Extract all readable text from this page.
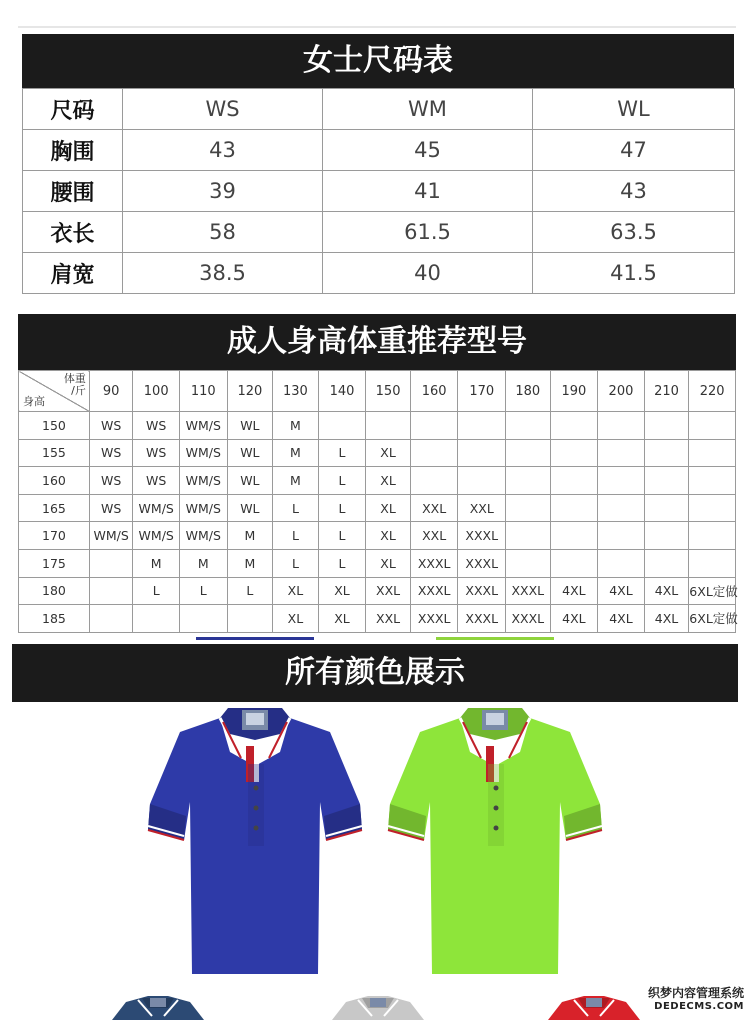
女士尺码表
尺码	WS	WM	WL
胸围	43	45	47
腰围	39	41	43
衣长	58	61.5	63.5
肩宽	38.5	40	41.5
成人身高体重推荐型号
体重
/斤
身高	90	100	110	120	130	140	150	160	170	180	190	200	210	220
150	WS	WS	WM/S	WL	M									
155	WS	WS	WM/S	WL	M	L	XL							
160	WS	WS	WM/S	WL	M	L	XL							
165	WS	WM/S	WM/S	WL	L	L	XL	XXL	XXL					
170	WM/S	WM/S	WM/S	M	L	L	XL	XXL	XXXL					
175		M	M	M	L	L	XL	XXXL	XXXL					
180		L	L	L	XL	XL	XXL	XXXL	XXXL	XXXL	4XL	4XL	4XL	6XL定做
185					XL	XL	XXL	XXXL	XXXL	XXXL	4XL	4XL	4XL	6XL定做
所有颜色展示
织梦内容管理系统
DEDECMS.COM
